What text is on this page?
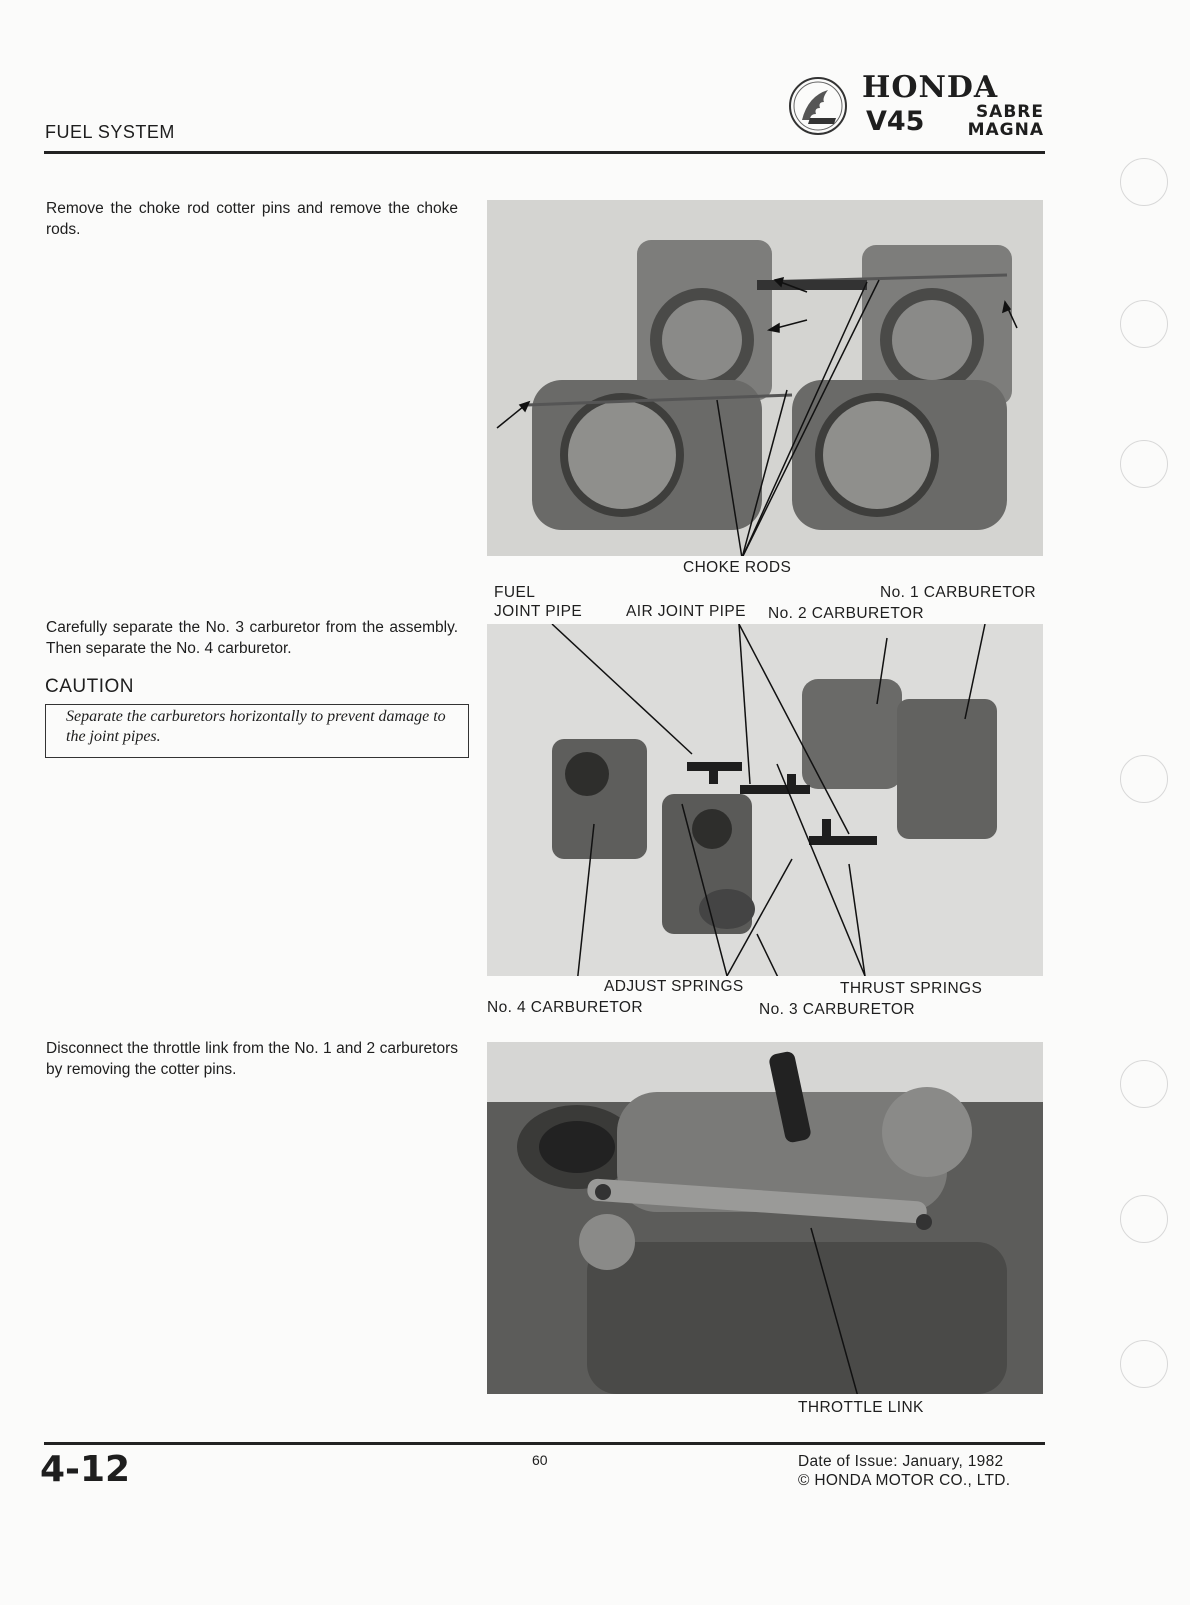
FUEL SYSTEM
HONDA
V45	SABRE
MAGNA
Remove the choke rod cotter pins and remove the choke rods.
Carefully separate the No. 3 carburetor from the assembly. Then separate the No. 4 carburetor.
CAUTION
Separate the carburetors horizontally to prevent damage to the joint pipes.
Disconnect the throttle link from the No. 1 and 2 carburetors by removing the cotter pins.
CHOKE RODS
FUEL
JOINT PIPE	AIR JOINT PIPE
No. 1 CARBURETOR
No. 2 CARBURETOR
ADJUST SPRINGS	THRUST SPRINGS
No. 4 CARBURETOR	No. 3 CARBURETOR
THROTTLE LINK
4-12	60	Date of Issue: January, 1982
© HONDA MOTOR CO., LTD.
